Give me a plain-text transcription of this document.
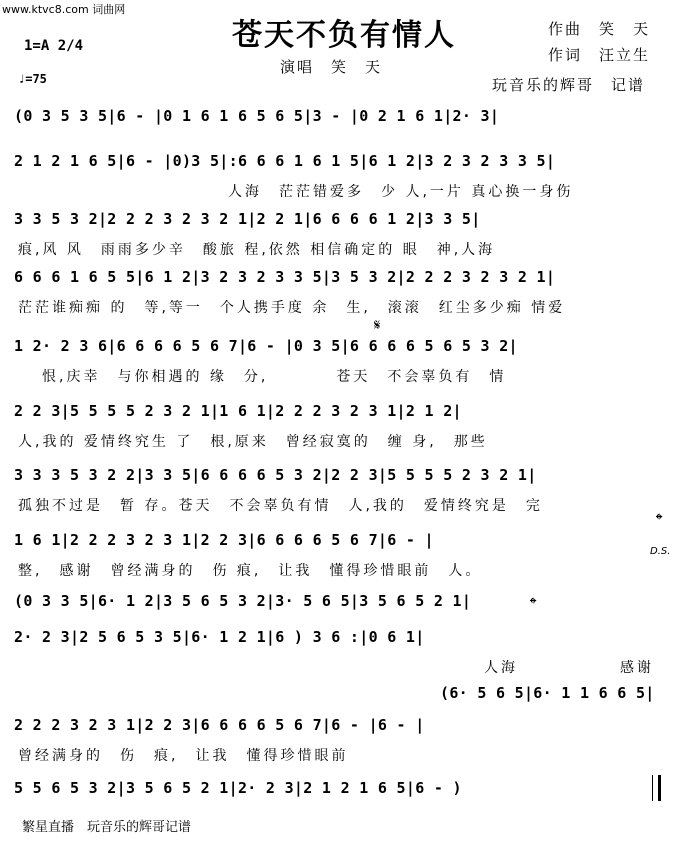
www.ktvc8.com 词曲网
苍天不负有情人	作曲　笑　天
作词　汪立生
演唱　笑　天
玩音乐的辉哥　记谱
1=A 2/4
♩=75
(0 3 5 3 5|6 - |0 1 6 1 6 5 6 5|3 - |0 2 1 6 1|2· 3|
2 1 2 1 6 5|6 - |0)3 5|:6 6 6 1 6 1 5|6 1 2|3 2 3 2 3 3 5|
人海　茫茫错爱多　少 人,一片 真心换一身伤
3 3 5 3 2|2 2 2 3 2 3 2 1|2 2 1|6 6 6 6 1 2|3 3 5|
痕,风 风　雨雨多少辛　酸旅 程,依然 相信确定的 眼　神,人海
6 6 6 1 6 5 5|6 1 2|3 2 3 2 3 3 5|3 5 3 2|2 2 2 3 2 3 2 1|
茫茫谁痴痴 的　等,等一　个人携手度 余　生,　滚滚　红尘多少痴 情爱
𝄋
1 2· 2 3 6|6 6 6 6 5 6 7|6 - |0 3 5|6 6 6 6 5 6 5 3 2|
恨,庆幸　与你相遇的 缘　分,　　　　苍天　不会辜负有　情
2 2 3|5 5 5 5 2 3 2 1|1 6 1|2 2 2 3 2 3 1|2 1 2|
人,我的 爱情终究生 了　根,原来　曾经寂寞的　缠 身,　那些
3 3 3 5 3 2 2|3 3 5|6 6 6 6 5 3 2|2 2 3|5 5 5 5 2 3 2 1|
孤独不过是　暂 存。苍天　不会辜负有情　人,我的　爱情终究是　完
𝄌
D.S.
1 6 1|2 2 2 3 2 3 1|2 2 3|6 6 6 6 5 6 7|6 - |
整,　感谢　曾经满身的　伤 痕,　让我　懂得珍惜眼前　人。
(0 3 3 5|6· 1 2|3 5 6 5 3 2|3· 5 6 5|3 5 6 5 2 1|	𝄌
2· 2 3|2 5 6 5 3 5|6· 1 2 1|6 ) 3 6 :|0 6 1|
人海　　　　　　感谢
(6· 5 6 5|6· 1 1 6 6 5|
2 2 2 3 2 3 1|2 2 3|6 6 6 6 5 6 7|6 - |6 - |
曾经满身的　伤　痕,　让我　懂得珍惜眼前
5 5 6 5 3 2|3 5 6 5 2 1|2· 2 3|2 1 2 1 6 5|6 - )
繁星直播　玩音乐的辉哥记谱
